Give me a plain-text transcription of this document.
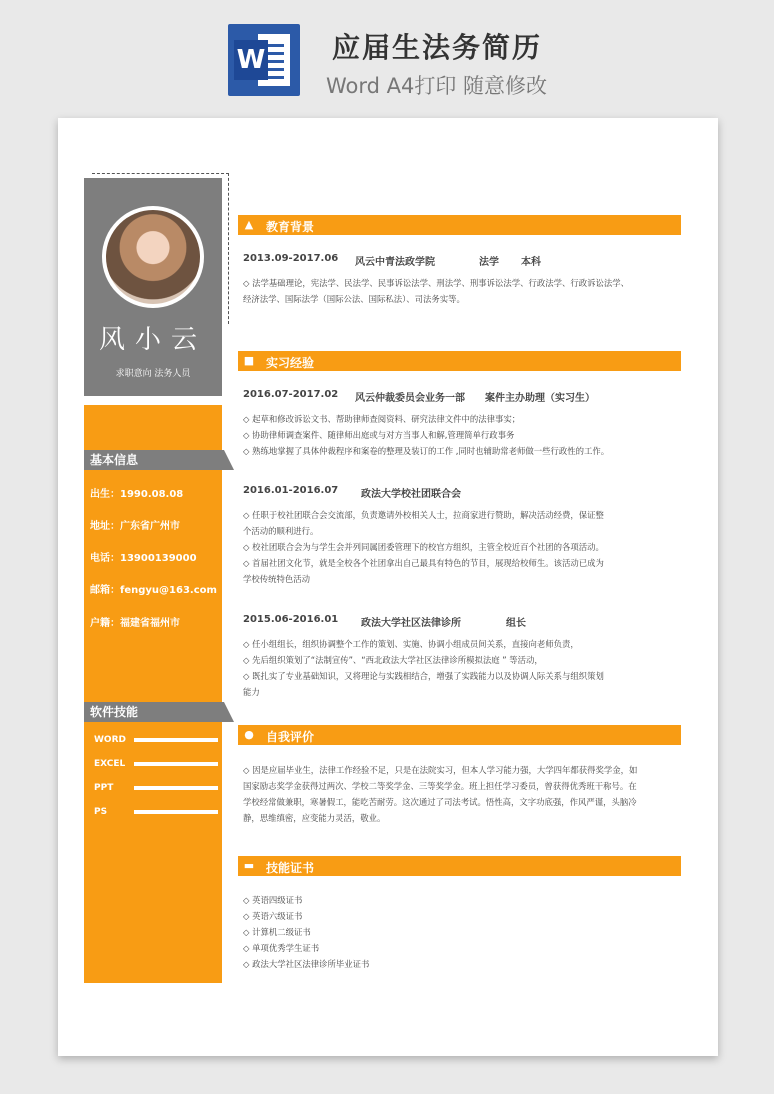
W 应届生法务简历
Word A4打印 随意修改
风小云
求职意向 法务人员
基本信息
出生：1990.08.08
地址：广东省广州市
电话：13900139000
邮箱：fengyu@163.com
户籍：福建省福州市
软件技能
WORD
EXCEL
PPT
PS
▲ 教育背景
2013.09-2017.06 风云中青法政学院	法学 本科

◇ 法学基础理论，宪法学、民法学、民事诉讼法学、刑法学、刑事诉讼法学、行政法学、行政诉讼法学、

经济法学、国际法学（国际公法、国际私法）、司法务实等。

■ 实习经验
2016.07-2017.02 风云仲裁委员会业务一部 案件主办助理（实习生）

◇ 起草和修改诉讼文书、帮助律师查阅资料、研究法律文件中的法律事实；

◇ 协助律师调查案件、随律师出庭或与对方当事人和解,管理简单行政事务

◇ 熟练地掌握了具体仲裁程序和案卷的整理及装订的工作 ,同时也辅助常老师做一些行政性的工作。

2016.01-2016.07 政法大学校社团联合会

◇ 任职于校社团联合会交流部，负责邀请外校相关人士，拉商家进行赞助，解决活动经费，保证整

个活动的顺利进行。

◇ 校社团联合会为与学生会并列同属团委管理下的校官方组织，主管全校近百个社团的各项活动。

◇ 首届社团文化节，就是全校各个社团拿出自己最具有特色的节目，展现给校师生。该活动已成为

学校传统特色活动

2015.06-2016.01 政法大学社区法律诊所	组长

◇ 任小组组长，组织协调整个工作的策划、实施、协调小组成员间关系，直接向老师负责，

◇ 先后组织策划了“法制宣传”、“西北政法大学社区法律诊所模拟法庭 ” 等活动，

◇ 既扎实了专业基础知识，又将理论与实践相结合，增强了实践能力以及协调人际关系与组织策划

能力

● 自我评价

◇ 因是应届毕业生，法律工作经验不足，只是在法院实习，但本人学习能力强，大学四年都获得奖学金，如

国家励志奖学金获得过两次、学校二等奖学金、三等奖学金。班上担任学习委员，曾获得优秀班干称号。在

学校经常做兼职，寒暑假工，能吃苦耐劳。这次通过了司法考试。悟性高，文字功底强，作风严谨，头脑冷

静，思维缜密，应变能力灵活，敬业。

▬ 技能证书

◇ 英语四级证书

◇ 英语六级证书

◇ 计算机二级证书

◇ 单项优秀学生证书

◇ 政法大学社区法律诊所毕业证书
